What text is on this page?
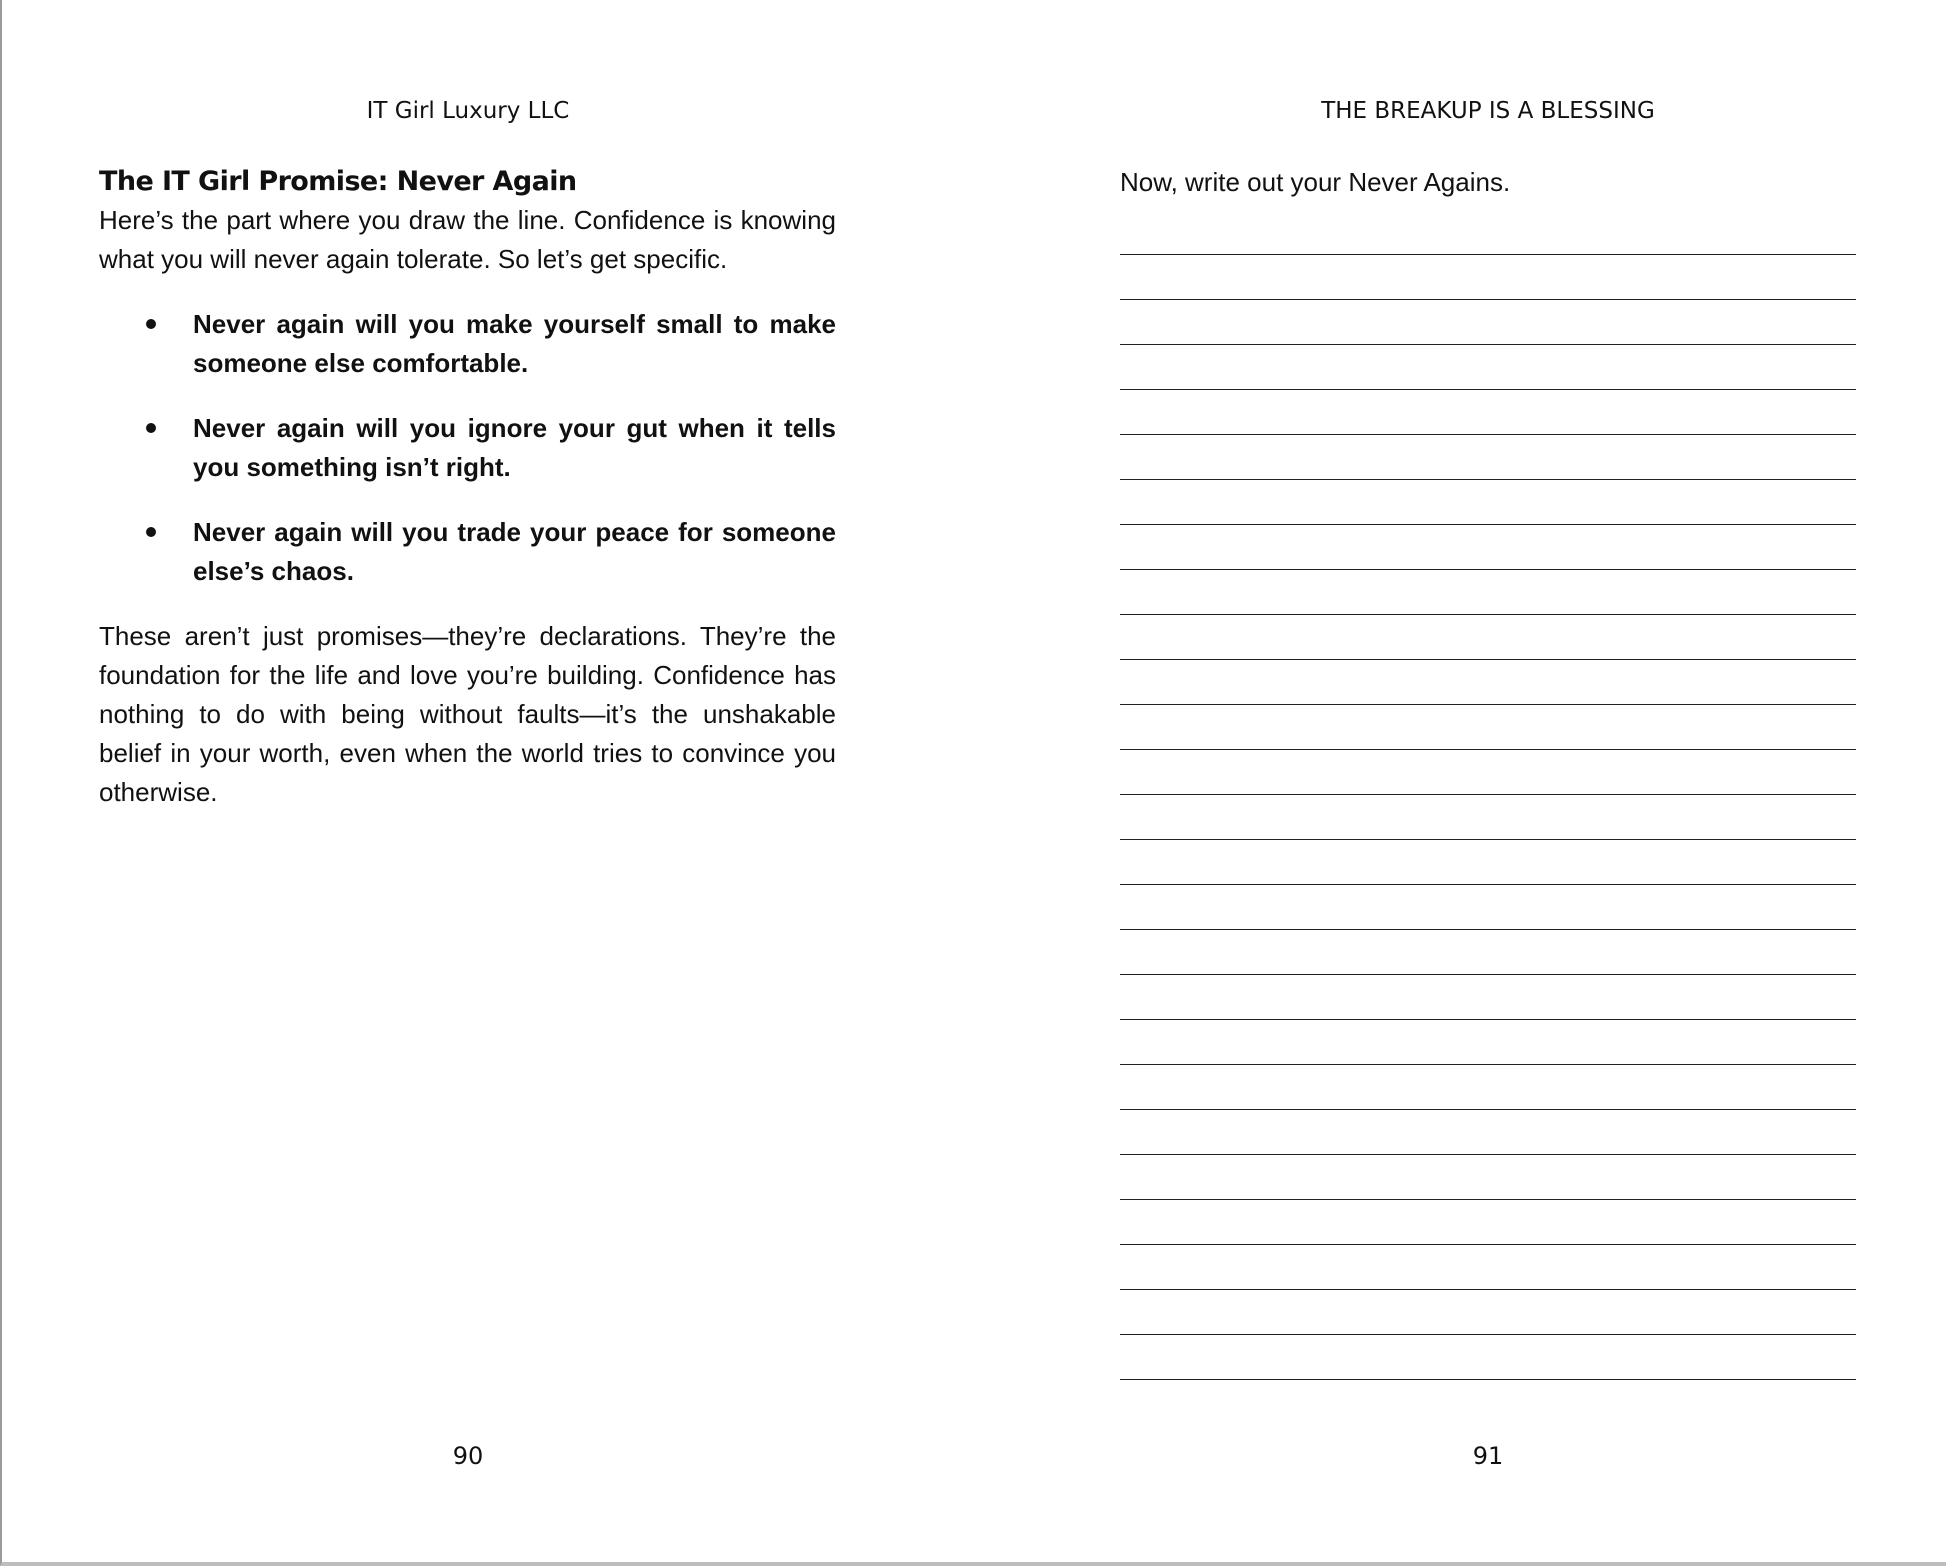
IT Girl Luxury LLC
The IT Girl Promise: Never Again

Here’s the part where you draw the line. Confidence is knowing what you will never again tolerate. So let’s get specific.

Never again will you make yourself small to make someone else comfortable.
Never again will you ignore your gut when it tells you something isn’t right.
Never again will you trade your peace for someone else’s chaos.

These aren’t just promises—they’re declarations. They’re the foundation for the life and love you’re building. Confidence has nothing to do with being without faults—it’s the unshakable belief in your worth, even when the world tries to convince you otherwise.

90
THE BREAKUP IS A BLESSING
Now, write out your Never Agains.
91
